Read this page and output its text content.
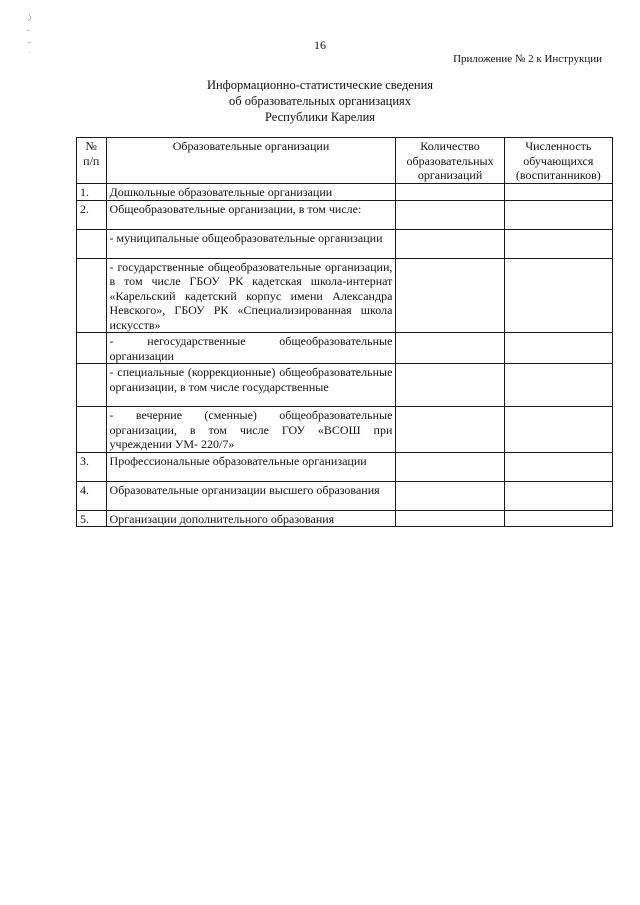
16
Приложение № 2 к Инструкции
Информационно-статистические сведения
об образовательных организациях
Республики Карелия
№ п/п	Образовательные организации	Количество образовательных организаций	Численность обучающихся (воспитанников)
1.	Дошкольные образовательные организации		
2.	Общеобразовательные организации, в том числе:		
	- муниципальные общеобразовательные организации		
	- государственные общеобразовательные организации, в том числе ГБОУ РК кадетская школа-интернат «Карельский кадетский корпус имени Александра Невского», ГБОУ РК «Специализированная школа искусств»		
	- негосударственные общеобразовательные организации		
	- специальные (коррекционные) общеобразовательные организации, в том числе государственные		
	- вечерние (сменные) общеобразовательные организации, в том числе ГОУ «ВСОШ при учреждении УМ- 220/7»		
3.	Профессиональные образовательные организации		
4.	Образовательные организации высшего образования		
5.	Организации дополнительного образования		
